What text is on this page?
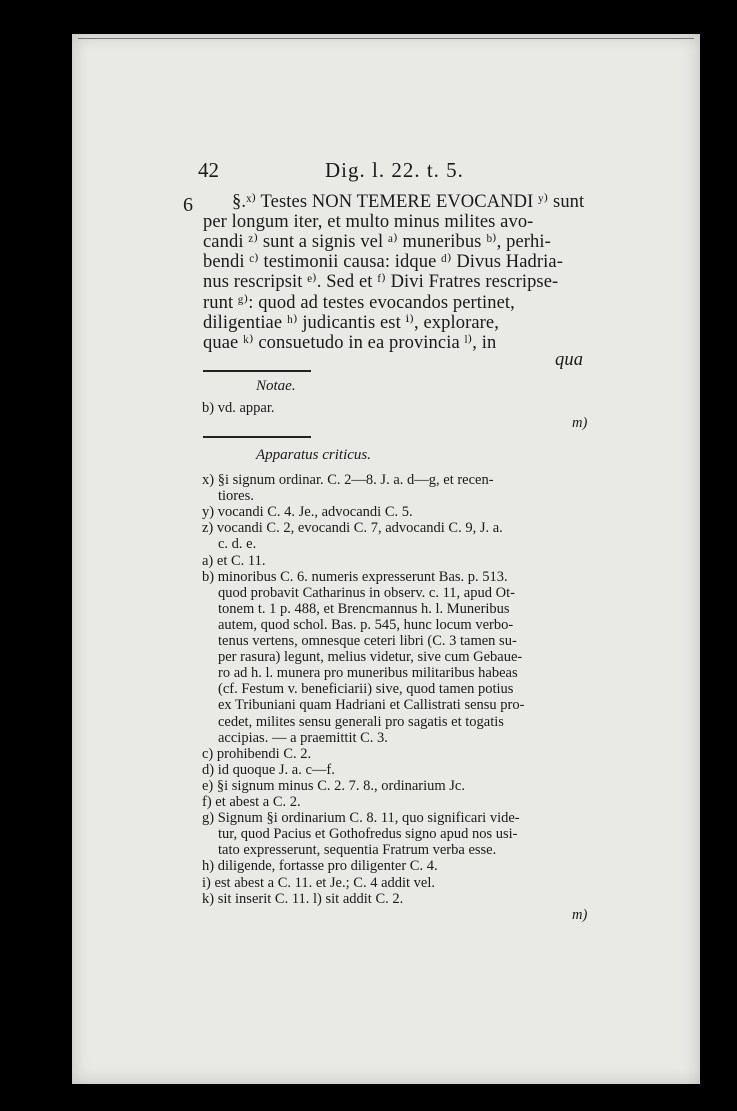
42	Dig. l. 22. t. 5.
6 §.ˣ⁾ Testes NON TEMERE EVOCANDI ʸ⁾ sunt
per longum iter, et multo minus milites avo-
candi ᶻ⁾ sunt a signis vel ᵃ⁾ muneribus ᵇ⁾, perhi-
bendi ᶜ⁾ testimonii causa: idque ᵈ⁾ Divus Hadria-
nus rescripsit ᵉ⁾. Sed et ᶠ⁾ Divi Fratres rescripse-
runt ᵍ⁾: quod ad testes evocandos pertinet,
diligentiae ʰ⁾ judicantis est ⁱ⁾, explorare,
quae ᵏ⁾ consuetudo in ea provincia ˡ⁾, in
qua
Notae.
b) vd. appar.
m)
Apparatus criticus.
x) §i signum ordinar. C. 2—8. J. a. d—g, et recen-
tiores.
y) vocandi C. 4. Je., advocandi C. 5.
z) vocandi C. 2, evocandi C. 7, advocandi C. 9, J. a.
c. d. e.
a) et C. 11.
b) minoribus C. 6. numeris expresserunt Bas. p. 513.
quod probavit Catharinus in observ. c. 11, apud Ot-
tonem t. 1 p. 488, et Brencmannus h. l. Muneribus
autem, quod schol. Bas. p. 545, hunc locum verbo-
tenus vertens, omnesque ceteri libri (C. 3 tamen su-
per rasura) legunt, melius videtur, sive cum Gebaue-
ro ad h. l. munera pro muneribus militaribus habeas
(cf. Festum v. beneficiarii) sive, quod tamen potius
ex Tribuniani quam Hadriani et Callistrati sensu pro-
cedet, milites sensu generali pro sagatis et togatis
accipias. — a praemittit C. 3.
c) prohibendi C. 2.
d) id quoque J. a. c—f.
e) §i signum minus C. 2. 7. 8., ordinarium Jc.
f) et abest a C. 2.
g) Signum §i ordinarium C. 8. 11, quo significari vide-
tur, quod Pacius et Gothofredus signo apud nos usi-
tato expresserunt, sequentia Fratrum verba esse.
h) diligende, fortasse pro diligenter C. 4.
i) est abest a C. 11. et Je.; C. 4 addit vel.
k) sit inserit C. 11. l) sit addit C. 2.
m)
